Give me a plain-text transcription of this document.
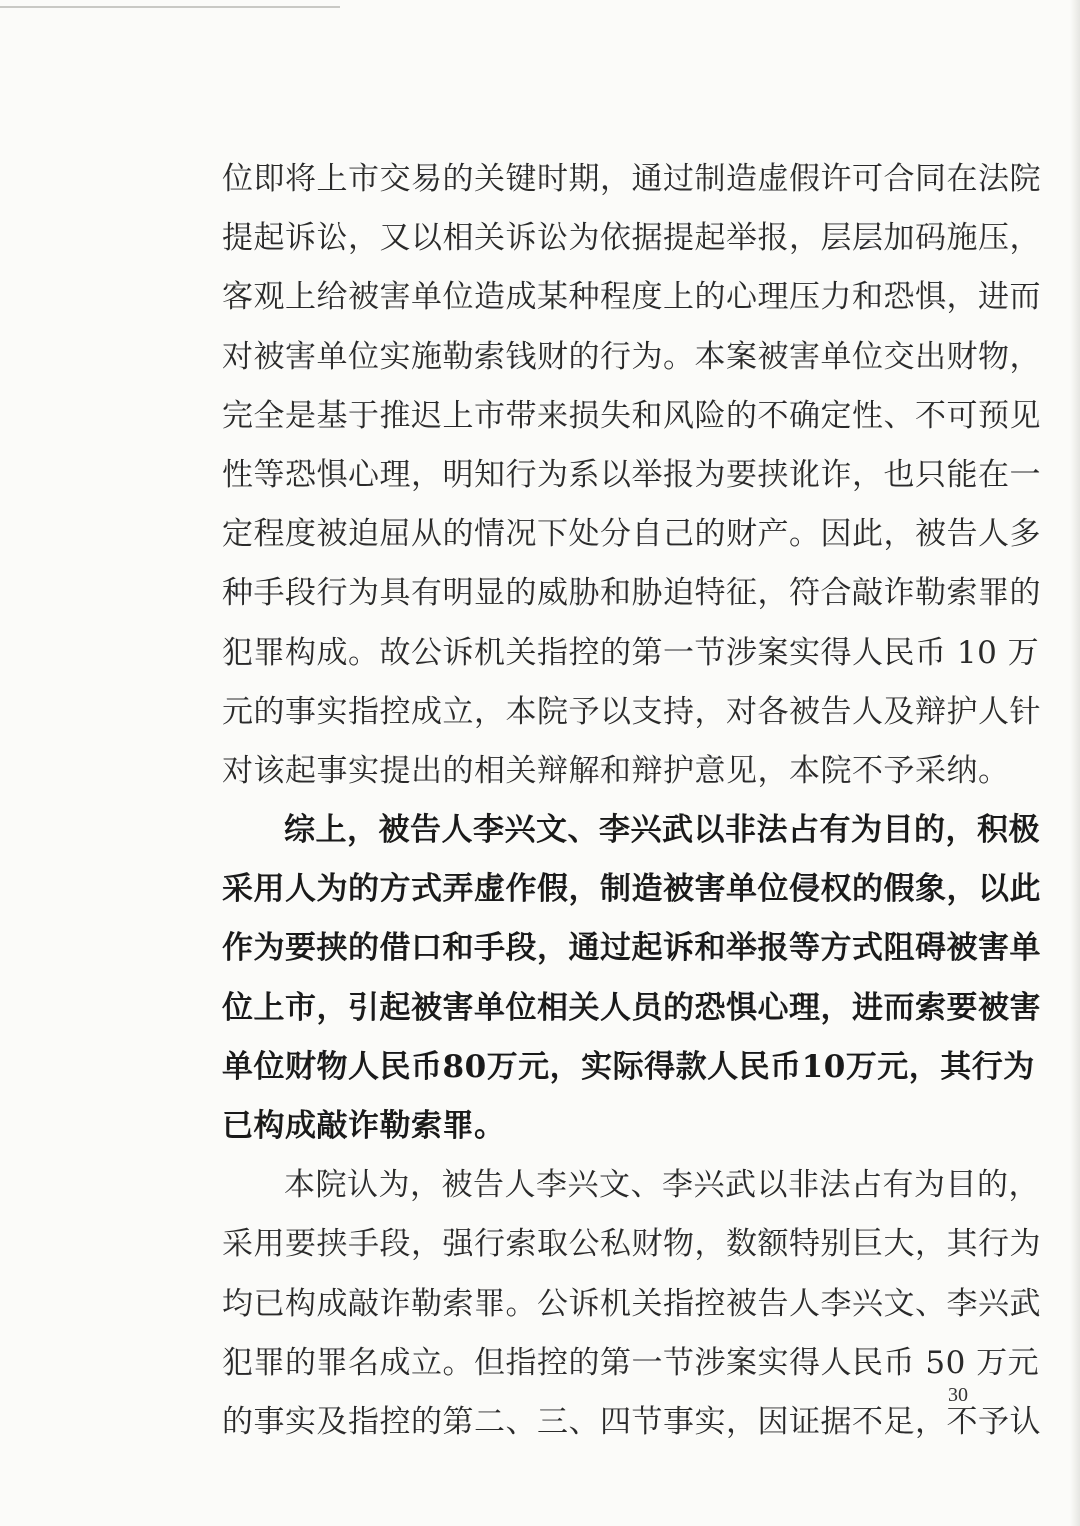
位即将上市交易的关键时期，通过制造虚假许可合同在法院
提起诉讼，又以相关诉讼为依据提起举报，层层加码施压，
客观上给被害单位造成某种程度上的心理压力和恐惧，进而
对被害单位实施勒索钱财的行为。本案被害单位交出财物，
完全是基于推迟上市带来损失和风险的不确定性、不可预见
性等恐惧心理，明知行为系以举报为要挟讹诈，也只能在一
定程度被迫屈从的情况下处分自己的财产。因此，被告人多
种手段行为具有明显的威胁和胁迫特征，符合敲诈勒索罪的
犯罪构成。故公诉机关指控的第一节涉案实得人民币 10 万
元的事实指控成立，本院予以支持，对各被告人及辩护人针
对该起事实提出的相关辩解和辩护意见，本院不予采纳。
综上，被告人李兴文、李兴武以非法占有为目的，积极
采用人为的方式弄虚作假，制造被害单位侵权的假象，以此
作为要挟的借口和手段，通过起诉和举报等方式阻碍被害单
位上市，引起被害单位相关人员的恐惧心理，进而索要被害
单位财物人民币80万元，实际得款人民币10万元，其行为
已构成敲诈勒索罪。
本院认为，被告人李兴文、李兴武以非法占有为目的，
采用要挟手段，强行索取公私财物，数额特别巨大，其行为
均已构成敲诈勒索罪。公诉机关指控被告人李兴文、李兴武
犯罪的罪名成立。但指控的第一节涉案实得人民币 50 万元
的事实及指控的第二、三、四节事实，因证据不足，不予认
30
